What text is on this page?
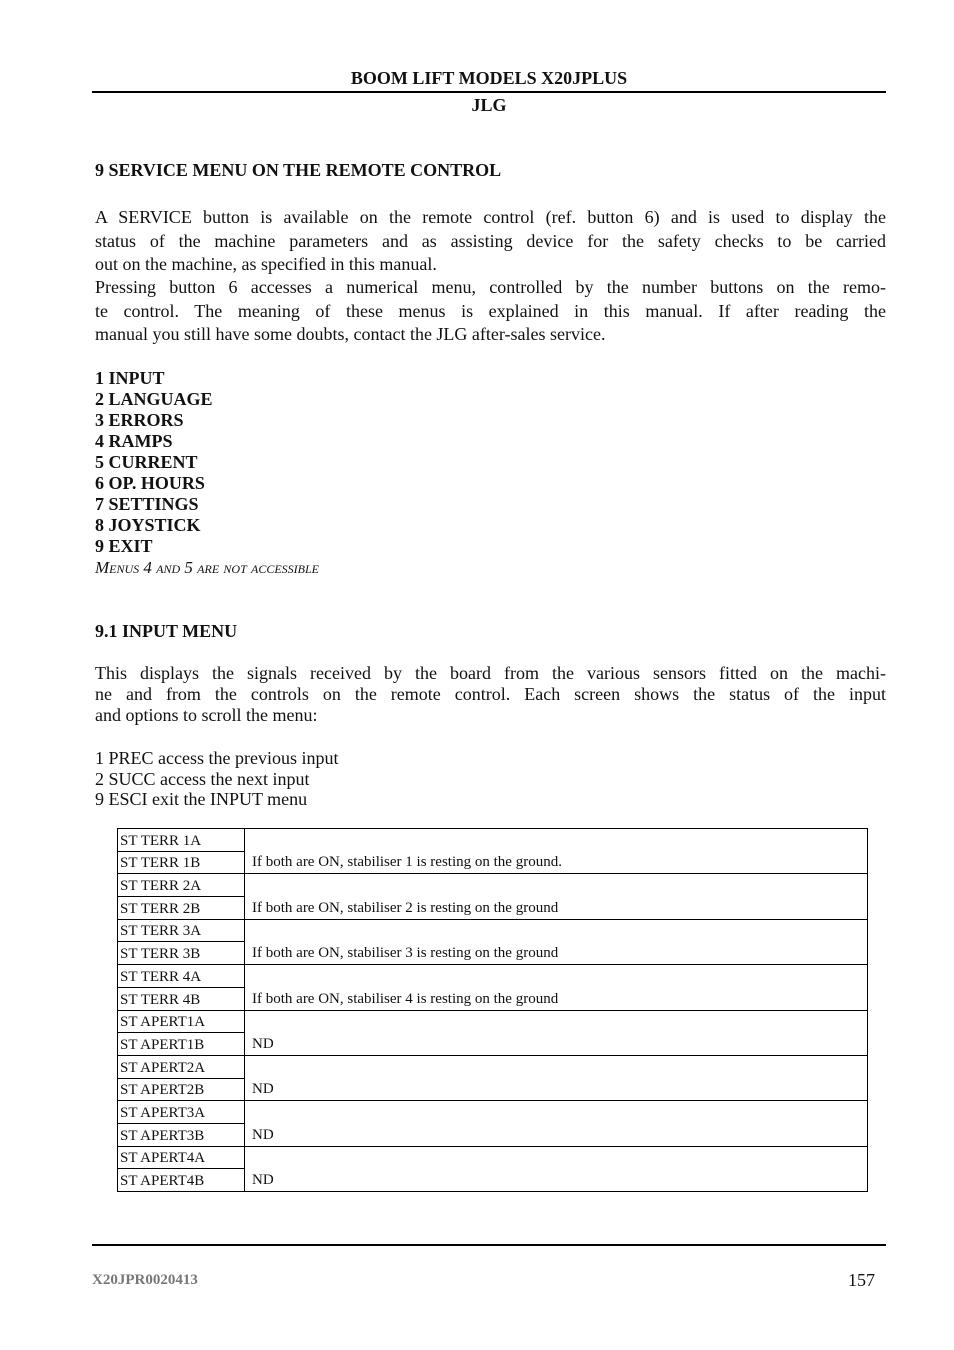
BOOM LIFT MODELS X20JPLUS
JLG
9 SERVICE MENU ON THE REMOTE CONTROL
A SERVICE button is available on the remote control (ref. button 6) and is used to display the
status of the machine parameters and as assisting device for the safety checks to be carried
out on the machine, as specified in this manual.
Pressing button 6 accesses a numerical menu, controlled by the number buttons on the remo-
te control. The meaning of these menus is explained in this manual. If after reading the
manual you still have some doubts, contact the JLG after-sales service.
1 INPUT
2 LANGUAGE
3 ERRORS
4 RAMPS
5 CURRENT
6 OP. HOURS
7 SETTINGS
8 JOYSTICK
9 EXIT
Menus 4 and 5 are not accessible
9.1 INPUT MENU
This displays the signals received by the board from the various sensors fitted on the machi-
ne and from the controls on the remote control. Each screen shows the status of the input
and options to scroll the menu:
1 PREC access the previous input
2 SUCC access the next input
9 ESCI exit the INPUT menu
ST TERR 1A	If both are ON, stabiliser 1 is resting on the ground.
ST TERR 1B	
ST TERR 2A	If both are ON, stabiliser 2 is resting on the ground
ST TERR 2B	
ST TERR 3A	If both are ON, stabiliser 3 is resting on the ground
ST TERR 3B	
ST TERR 4A	If both are ON, stabiliser 4 is resting on the ground
ST TERR 4B	
ST APERT1A	ND
ST APERT1B	
ST APERT2A	ND
ST APERT2B	
ST APERT3A	ND
ST APERT3B	
ST APERT4A	ND
ST APERT4B	
X20JPR0020413	157
